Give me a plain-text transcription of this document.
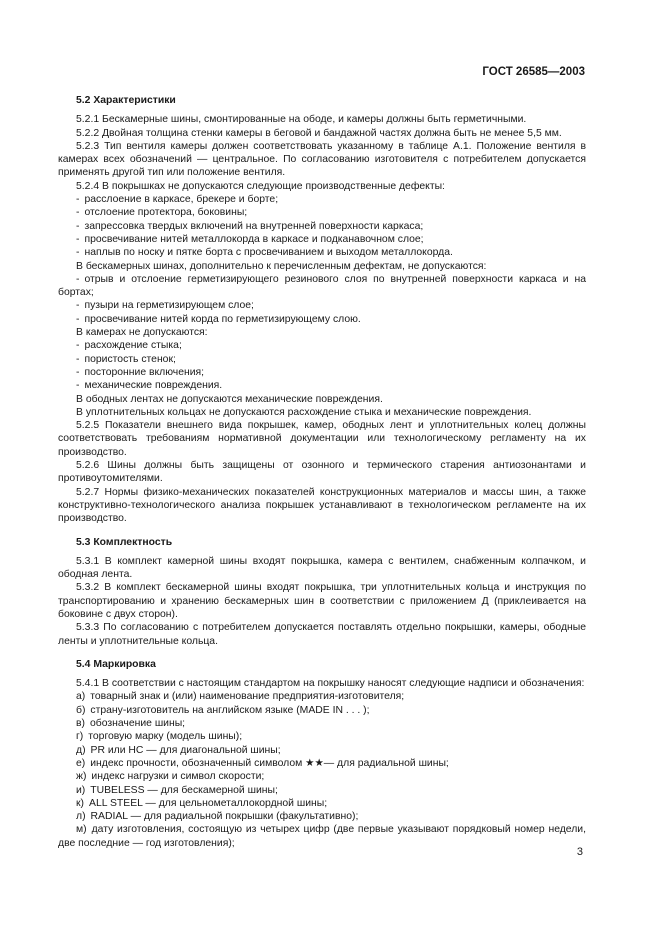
ГОСТ 26585—2003
5.2 Характеристики
5.2.1 Бескамерные шины, смонтированные на ободе, и камеры должны быть герметичными.
5.2.2 Двойная толщина стенки камеры в беговой и бандажной частях должна быть не менее 5,5 мм.
5.2.3 Тип вентиля камеры должен соответствовать указанному в таблице А.1. Положение вентиля в камерах всех обозначений — центральное. По согласованию изготовителя с потребителем допускается применять другой тип или положение вентиля.
5.2.4 В покрышках не допускаются следующие производственные дефекты:
- расслоение в каркасе, брекере и борте;
- отслоение протектора, боковины;
- запрессовка твердых включений на внутренней поверхности каркаса;
- просвечивание нитей металлокорда в каркасе и подканавочном слое;
- наплыв по носку и пятке борта с просвечиванием и выходом металлокорда.
В бескамерных шинах, дополнительно к перечисленным дефектам, не допускаются:
- отрыв и отслоение герметизирующего резинового слоя по внутренней поверхности каркаса и на бортах;
- пузыри на герметизирующем слое;
- просвечивание нитей корда по герметизирующему слою.
В камерах не допускаются:
- расхождение стыка;
- пористость стенок;
- посторонние включения;
- механические повреждения.
В ободных лентах не допускаются механические повреждения.
В уплотнительных кольцах не допускаются расхождение стыка и механические повреждения.
5.2.5 Показатели внешнего вида покрышек, камер, ободных лент и уплотнительных колец должны соответствовать требованиям нормативной документации или технологическому регламенту на их производство.
5.2.6 Шины должны быть защищены от озонного и термического старения антиозонантами и противоутомителями.
5.2.7 Нормы физико-механических показателей конструкционных материалов и массы шин, а также конструктивно-технологического анализа покрышек устанавливают в технологическом регламенте на их производство.
5.3 Комплектность
5.3.1 В комплект камерной шины входят покрышка, камера с вентилем, снабженным колпачком, и ободная лента.
5.3.2 В комплект бескамерной шины входят покрышка, три уплотнительных кольца и инструкция по транспортированию и хранению бескамерных шин в соответствии с приложением Д (приклеивается на боковине с двух сторон).
5.3.3 По согласованию с потребителем допускается поставлять отдельно покрышки, камеры, ободные ленты и уплотнительные кольца.
5.4 Маркировка
5.4.1 В соответствии с настоящим стандартом на покрышку наносят следующие надписи и обозначения:
а) товарный знак и (или) наименование предприятия-изготовителя;
б) страну-изготовитель на английском языке (MADE IN . . . );
в) обозначение шины;
г) торговую марку (модель шины);
д) PR или НС — для диагональной шины;
е) индекс прочности, обозначенный символом ★★— для радиальной шины;
ж) индекс нагрузки и символ скорости;
и) TUBELESS — для бескамерной шины;
к) ALL STEEL — для цельнометаллокордной шины;
л) RADIAL — для радиальной покрышки (факультативно);
м) дату изготовления, состоящую из четырех цифр (две первые указывают порядковый номер недели, две последние — год изготовления);
3
